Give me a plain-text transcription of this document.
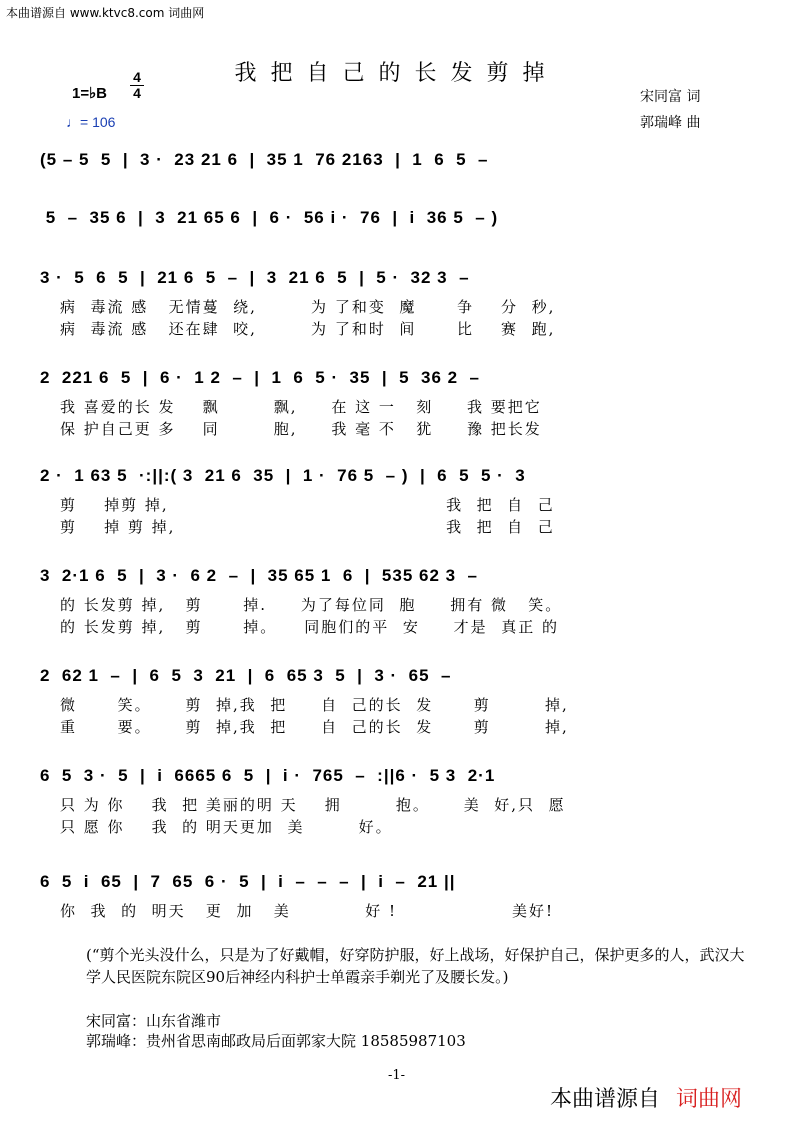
本曲谱源自 www.ktvc8.com 词曲网
我把自己的长发剪掉
1=♭B
4
4
♩= 106
宋同富 词
郭瑞峰 曲
(5 – 5  5  |  3 ·  23 21 6  |  35 1  76 2163  |  1  6  5  –
5  –  35 6  |  3  21 65 6  |  6 ·  56 i ·  76  |  i  36 5  – )
3 ·  5  6  5  |  21 6  5  –  |  3  21 6  5  |  5 ·  32 3  –
病  毒流 感   无情蔓  绕,        为 了和变  魔      争    分  秒,
病  毒流 感   还在肆  咬,        为 了和时  间      比    赛  跑,
2  221 6  5  |  6 ·  1 2  –  |  1  6  5 ·  35  |  5  36 2  –
我 喜爱的长 发    飘        飘,     在 这 一   刻     我 要把它
保 护自己更 多    同        胞,     我 毫 不   犹     豫 把长发
2 ·  1 63 5  ·:||:( 3  21 6  35  |  1 ·  76 5  – )  |  6  5  5 ·  3
剪    掉剪 掉,                                         我  把  自  己
剪    掉 剪 掉,                                        我  把  自  己
3  2·1 6  5  |  3 ·  6 2  –  |  35 65 1  6  |  535 62 3  –
的 长发剪 掉,   剪      掉.     为了每位同  胞     拥有 微   笑。
的 长发剪 掉,   剪      掉。    同胞们的平  安     才是  真正 的
2  62 1  –  |  6  5  3  21  |  6  65 3  5  |  3 ·  65  –
微      笑。     剪  掉,我  把     自  己的长  发      剪        掉,
重      要。     剪  掉,我  把     自  己的长  发      剪        掉,
6  5  3 ·  5  |  i  6665 6  5  |  i ·  765  –  :||6 ·  5 3  2·1
只 为 你    我  把 美丽的明 天    拥        抱。     美  好,只  愿
只 愿 你    我  的 明天更加  美        好。
6  5  i  65  |  7  65  6 ·  5  |  i  –  –  –  |  i  –  21 ||
你  我  的  明天   更  加   美           好 !                 美好!
(“剪个光头没什么，只是为了好戴帽，好穿防护服，好上战场，好保护自己，保护更多的人，武汉大学人民医院东院区90后神经内科护士单霞亲手剃光了及腰长发。)
宋同富：山东省潍市
郭瑞峰：贵州省思南邮政局后面郭家大院 18585987103
-1-
本曲谱源自 词曲网
